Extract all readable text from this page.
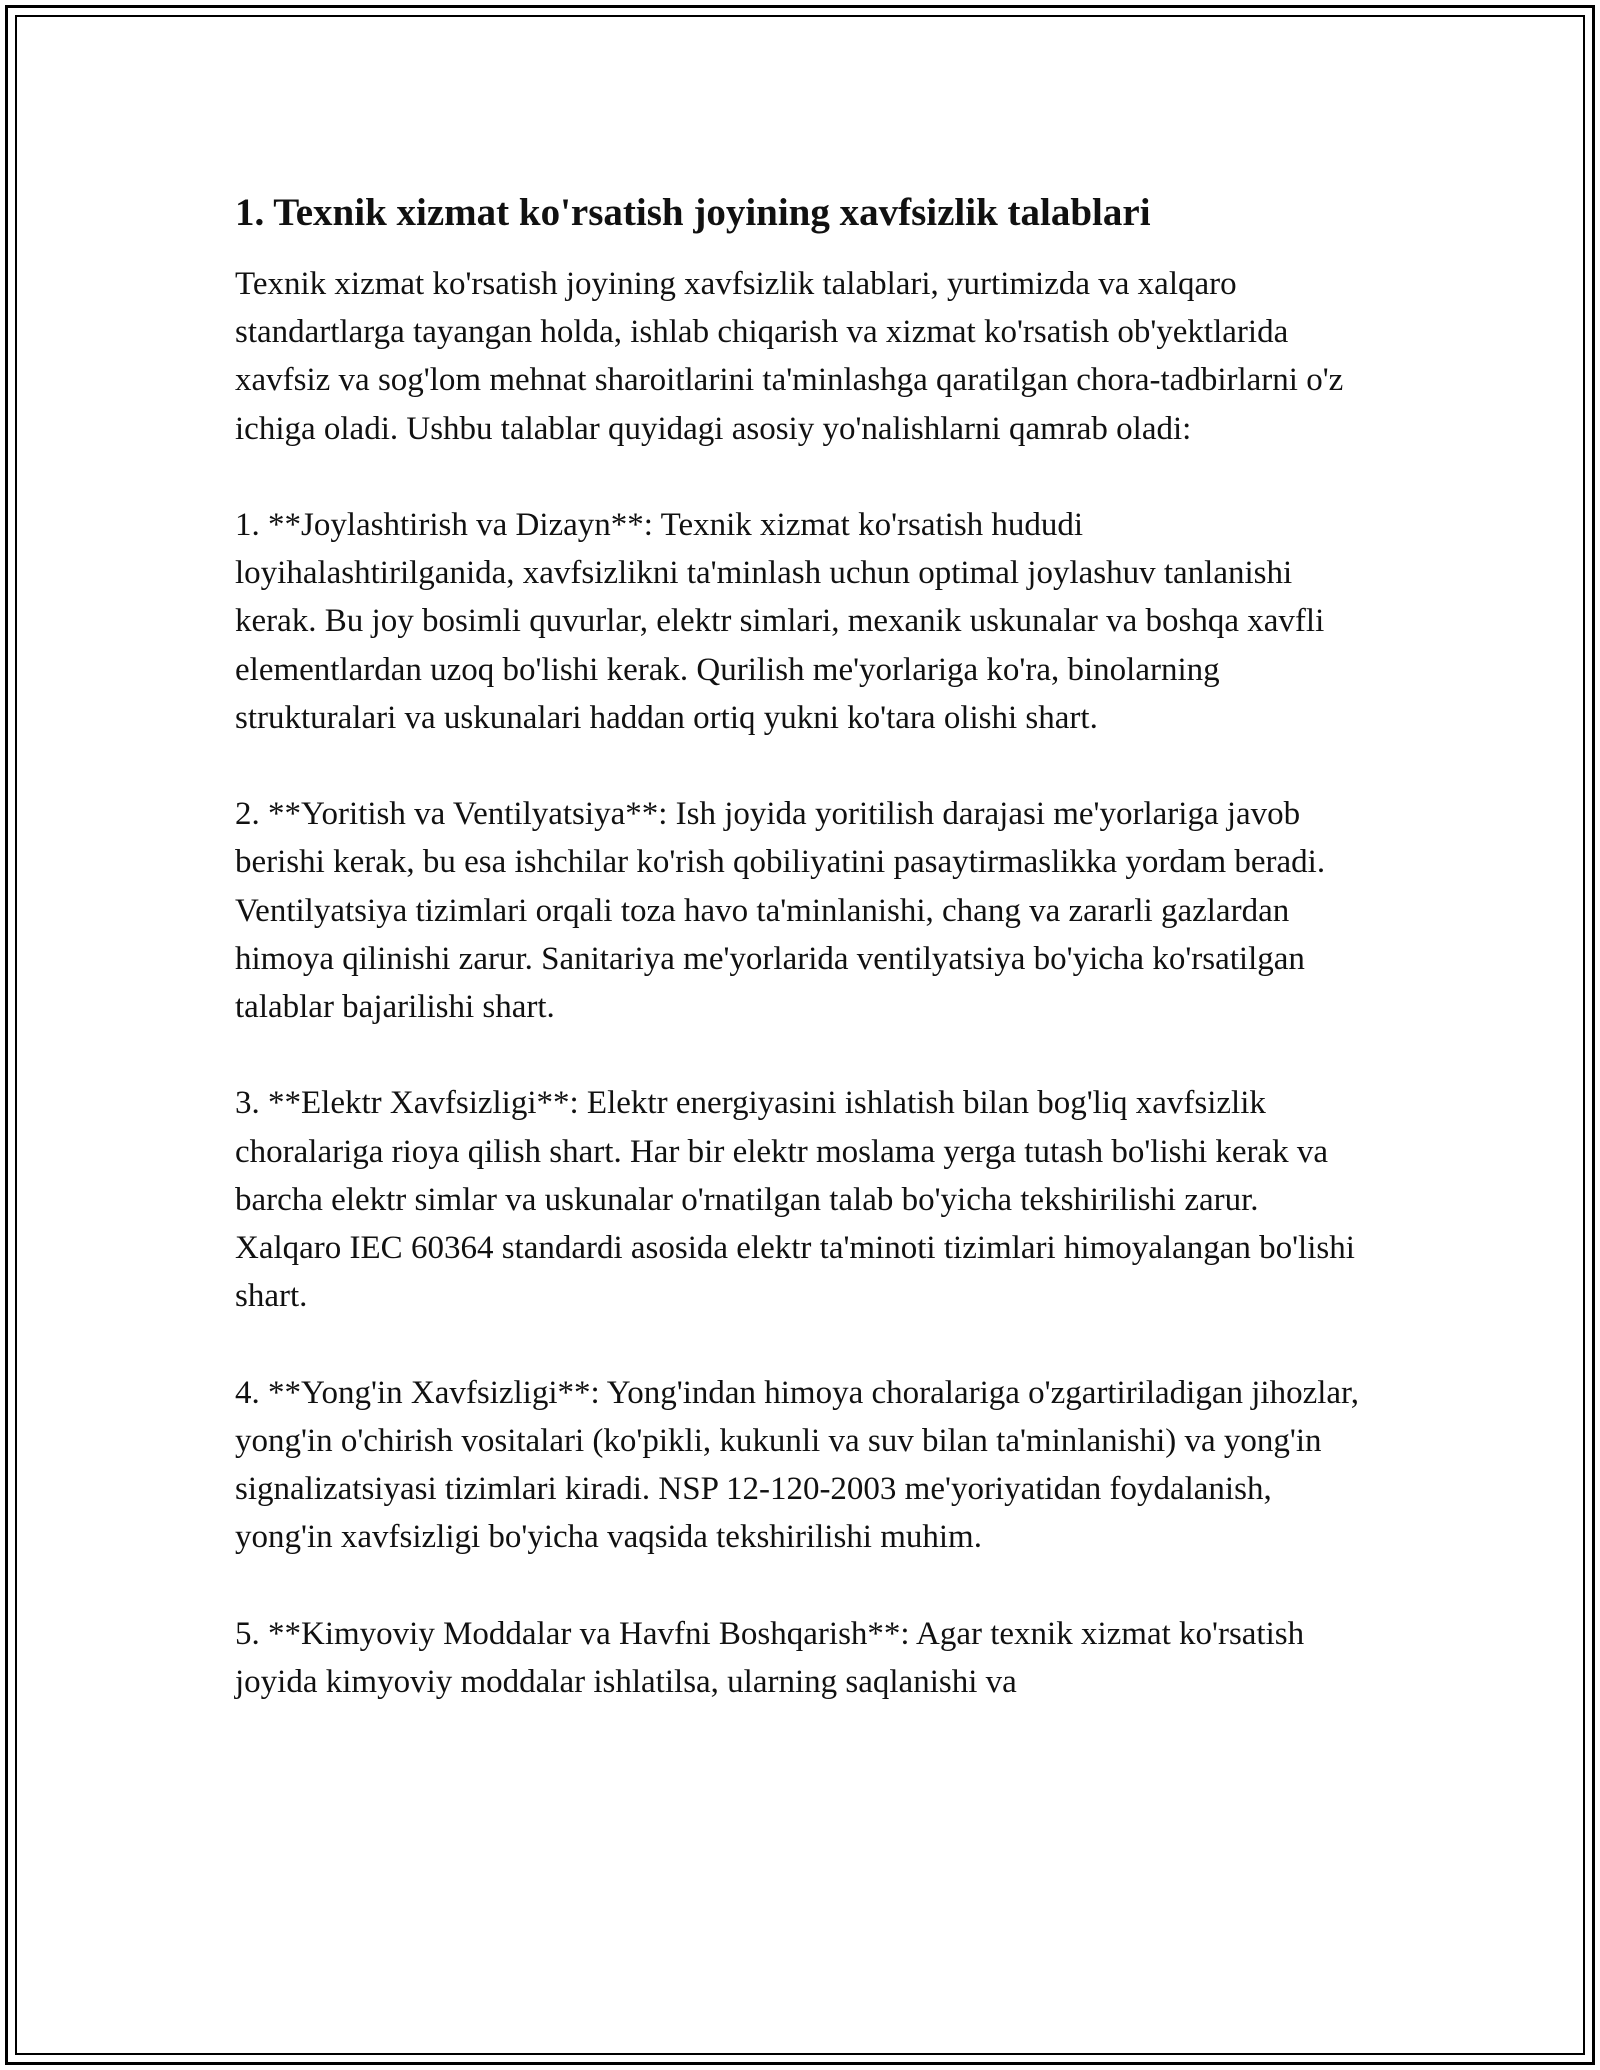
1. Texnik xizmat ko'rsatish joyining xavfsizlik talablari

Texnik xizmat ko'rsatish joyining xavfsizlik talablari, yurtimizda va xalqaro standartlarga tayangan holda, ishlab chiqarish va xizmat ko'rsatish ob'yektlarida xavfsiz va sog'lom mehnat sharoitlarini ta'minlashga qaratilgan chora-tadbirlarni o'z ichiga oladi. Ushbu talablar quyidagi asosiy yo'nalishlarni qamrab oladi:

1. **Joylashtirish va Dizayn**: Texnik xizmat ko'rsatish hududi loyihalashtirilganida, xavfsizlikni ta'minlash uchun optimal joylashuv tanlanishi kerak. Bu joy bosimli quvurlar, elektr simlari, mexanik uskunalar va boshqa xavfli elementlardan uzoq bo'lishi kerak. Qurilish me'yorlariga ko'ra, binolarning strukturalari va uskunalari haddan ortiq yukni ko'tara olishi shart.

2. **Yoritish va Ventilyatsiya**: Ish joyida yoritilish darajasi me'yorlariga javob berishi kerak, bu esa ishchilar ko'rish qobiliyatini pasaytirmaslikka yordam beradi. Ventilyatsiya tizimlari orqali toza havo ta'minlanishi, chang va zararli gazlardan himoya qilinishi zarur. Sanitariya me'yorlarida ventilyatsiya bo'yicha ko'rsatilgan talablar bajarilishi shart.

3. **Elektr Xavfsizligi**: Elektr energiyasini ishlatish bilan bog'liq xavfsizlik choralariga rioya qilish shart. Har bir elektr moslama yerga tutash bo'lishi kerak va barcha elektr simlar va uskunalar o'rnatilgan talab bo'yicha tekshirilishi zarur. Xalqaro IEC 60364 standardi asosida elektr ta'minoti tizimlari himoyalangan bo'lishi shart.

4. **Yong'in Xavfsizligi**: Yong'indan himoya choralariga o'zgartiriladigan jihozlar, yong'in o'chirish vositalari (ko'pikli, kukunli va suv bilan ta'minlanishi) va yong'in signalizatsiyasi tizimlari kiradi. NSP 12-120-2003 me'yoriyatidan foydalanish, yong'in xavfsizligi bo'yicha vaqsida tekshirilishi muhim.

5. **Kimyoviy Moddalar va Havfni Boshqarish**: Agar texnik xizmat ko'rsatish joyida kimyoviy moddalar ishlatilsa, ularning saqlanishi va
